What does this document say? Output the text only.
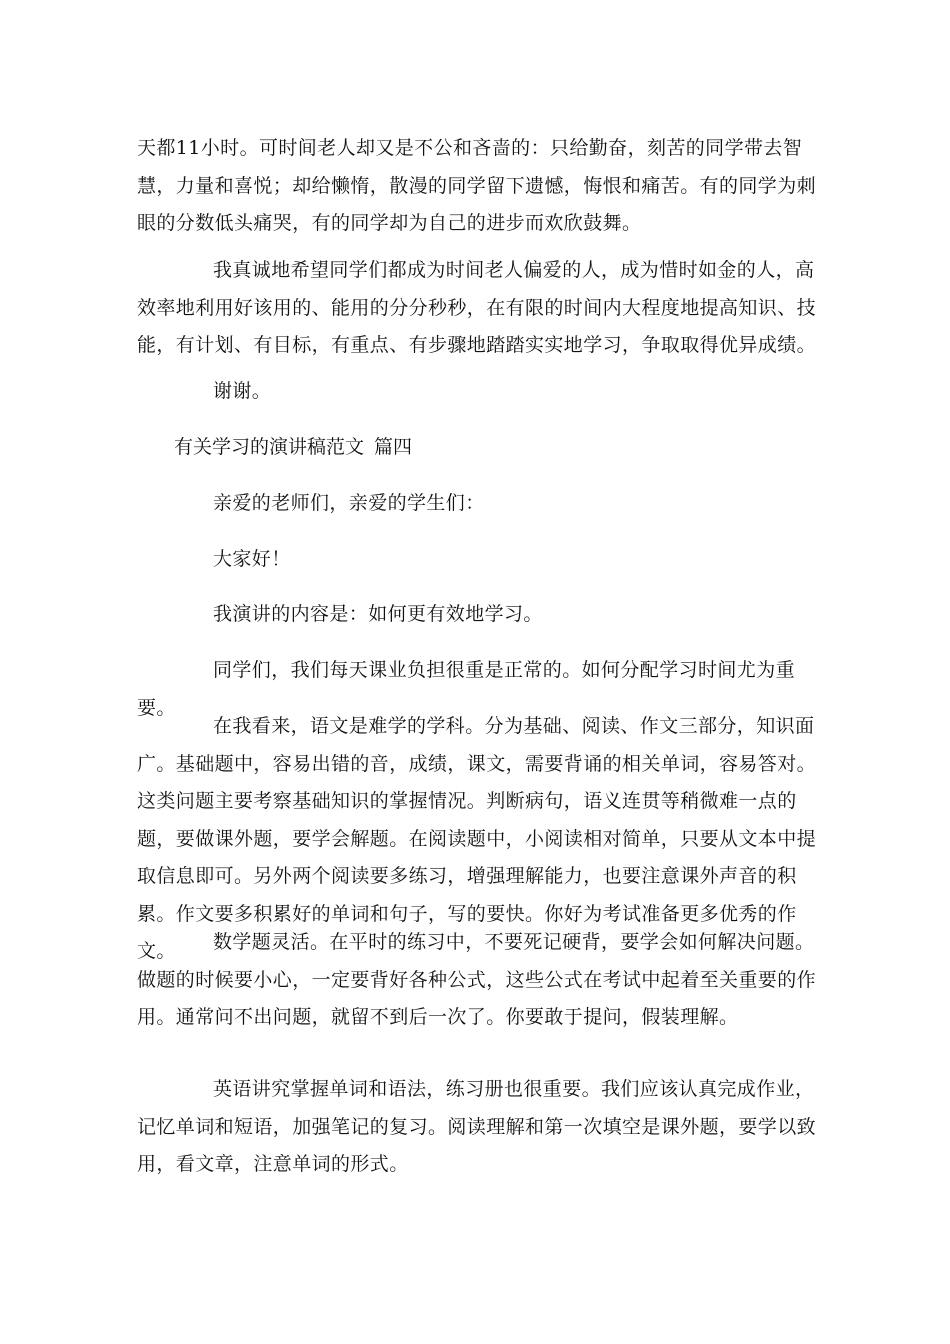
天都11小时。可时间老人却又是不公和吝啬的：只给勤奋，刻苦的同学带去智慧，力量和喜悦；却给懒惰，散漫的同学留下遗憾，悔恨和痛苦。有的同学为刺眼的分数低头痛哭，有的同学却为自己的进步而欢欣鼓舞。

我真诚地希望同学们都成为时间老人偏爱的人，成为惜时如金的人，高效率地利用好该用的、能用的分分秒秒，在有限的时间内大程度地提高知识、技能，有计划、有目标，有重点、有步骤地踏踏实实地学习，争取取得优异成绩。

谢谢。

有关学习的演讲稿范文 篇四

亲爱的老师们，亲爱的学生们：

大家好！

我演讲的内容是：如何更有效地学习。

同学们，我们每天课业负担很重是正常的。如何分配学习时间尤为重要。

在我看来，语文是难学的学科。分为基础、阅读、作文三部分，知识面广。基础题中，容易出错的音，成绩，课文，需要背诵的相关单词，容易答对。这类问题主要考察基础知识的掌握情况。判断病句，语义连贯等稍微难一点的题，要做课外题，要学会解题。在阅读题中，小阅读相对简单，只要从文本中提取信息即可。另外两个阅读要多练习，增强理解能力，也要注意课外声音的积累。作文要多积累好的单词和句子，写的要快。你好为考试准备更多优秀的作文。	数学题灵活。在平时的练习中，不要死记硬背，要学会如何解决问题。做题的时候要小心，一定要背好各种公式，这些公式在考试中起着至关重要的作用。通常问不出问题，就留不到后一次了。你要敢于提问，假装理解。

英语讲究掌握单词和语法，练习册也很重要。我们应该认真完成作业，记忆单词和短语，加强笔记的复习。阅读理解和第一次填空是课外题，要学以致用，看文章，注意单词的形式。
